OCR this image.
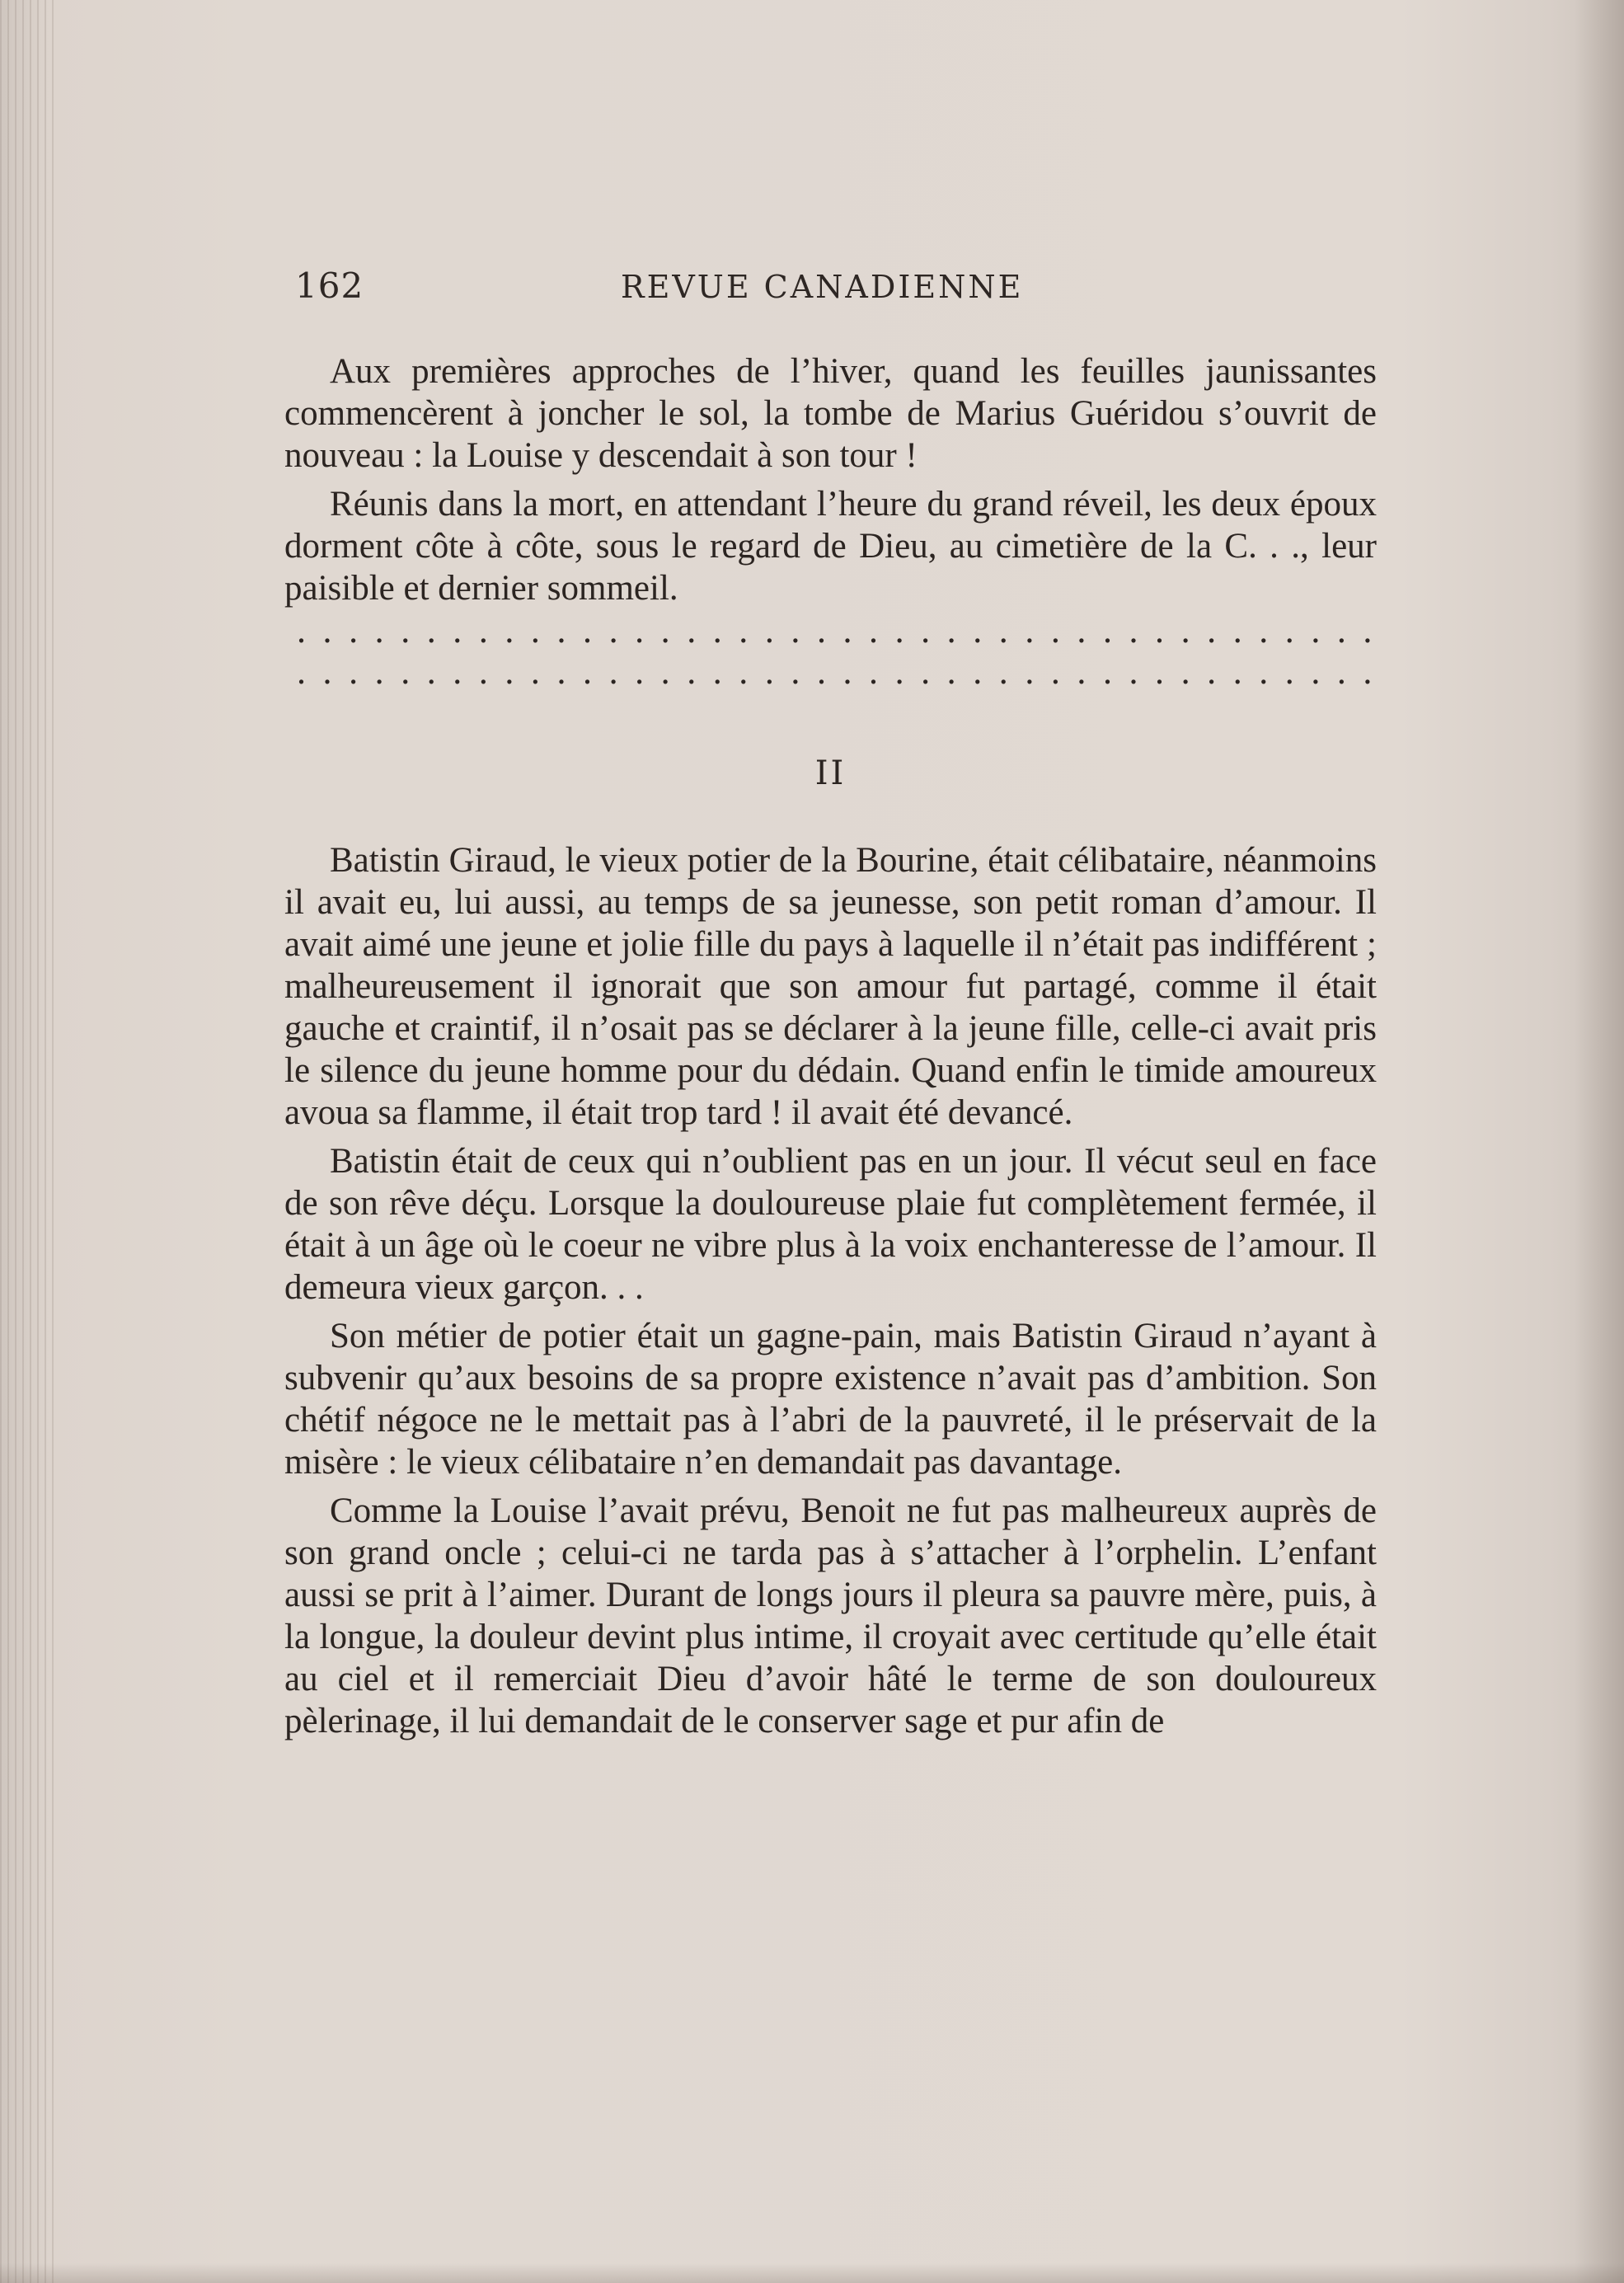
162	REVUE CANADIENNE

Aux premières approches de l’hiver, quand les feuilles jaunissantes commencèrent à joncher le sol, la tombe de Marius Guéridou s’ouvrit de nouveau : la Louise y descendait à son tour !

Réunis dans la mort, en attendant l’heure du grand réveil, les deux époux dorment côte à côte, sous le regard de Dieu, au cimetière de la C. . ., leur paisible et dernier sommeil.

. . . . . . . . . . . . . . . . . . . . . . . . . . . . . . . . . . . . . . . . . .
. . . . . . . . . . . . . . . . . . . . . . . . . . . . . . . . . . . . . . . . . .
II

Batistin Giraud, le vieux potier de la Bourine, était célibataire, néanmoins il avait eu, lui aussi, au temps de sa jeunesse, son petit roman d’amour. Il avait aimé une jeune et jolie fille du pays à laquelle il n’était pas indifférent ; malheureusement il ignorait que son amour fut partagé, comme il était gauche et craintif, il n’osait pas se déclarer à la jeune fille, celle-ci avait pris le silence du jeune homme pour du dédain. Quand enfin le timide amoureux avoua sa flamme, il était trop tard ! il avait été devancé.

Batistin était de ceux qui n’oublient pas en un jour. Il vécut seul en face de son rêve déçu. Lorsque la douloureuse plaie fut complètement fermée, il était à un âge où le coeur ne vibre plus à la voix enchanteresse de l’amour. Il demeura vieux garçon. . .

Son métier de potier était un gagne-pain, mais Batistin Giraud n’ayant à subvenir qu’aux besoins de sa propre existence n’avait pas d’ambition. Son chétif négoce ne le mettait pas à l’abri de la pauvreté, il le préservait de la misère : le vieux célibataire n’en demandait pas davantage.

Comme la Louise l’avait prévu, Benoit ne fut pas malheureux auprès de son grand oncle ; celui-ci ne tarda pas à s’attacher à l’orphelin. L’enfant aussi se prit à l’aimer. Durant de longs jours il pleura sa pauvre mère, puis, à la longue, la douleur devint plus intime, il croyait avec certitude qu’elle était au ciel et il remerciait Dieu d’avoir hâté le terme de son douloureux pèlerinage, il lui demandait de le conserver sage et pur afin de
